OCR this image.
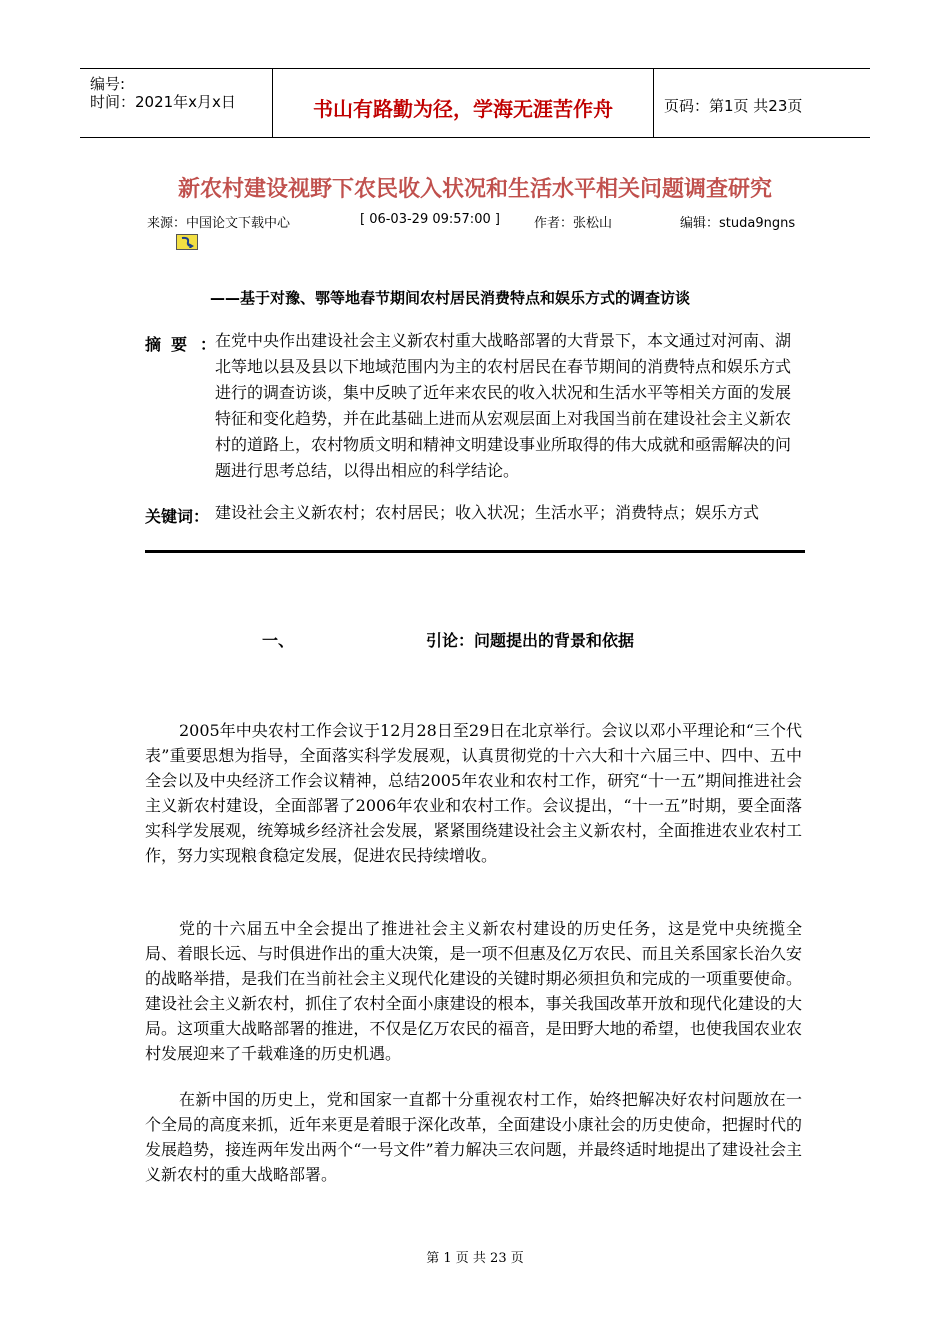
编号:
时间：2021年x月x日	书山有路勤为径，学海无涯苦作舟	页码：第1页 共23页
新农村建设视野下农民收入状况和生活水平相关问题调查研究
来源：中国论文下载中心	[ 06-03-29 09:57:00 ]	作者：张松山	编辑：studa9ngns
——基于对豫、鄂等地春节期间农村居民消费特点和娱乐方式的调查访谈
摘要 ：

在党中央作出建设社会主义新农村重大战略部署的大背景下，本文通过对河南、湖北等地以县及县以下地域范围内为主的农村居民在春节期间的消费特点和娱乐方式进行的调查访谈，集中反映了近年来农民的收入状况和生活水平等相关方面的发展特征和变化趋势，并在此基础上进而从宏观层面上对我国当前在建设社会主义新农村的道路上，农村物质文明和精神文明建设事业所取得的伟大成就和亟需解决的问题进行思考总结，以得出相应的科学结论。

关键词： 建设社会主义新农村；农村居民；收入状况；生活水平；消费特点；娱乐方式

一、	引论：问题提出的背景和依据

2005年中央农村工作会议于12月28日至29日在北京举行。会议以邓小平理论和“三个代表”重要思想为指导，全面落实科学发展观，认真贯彻党的十六大和十六届三中、四中、五中全会以及中央经济工作会议精神，总结2005年农业和农村工作，研究“十一五”期间推进社会主义新农村建设，全面部署了2006年农业和农村工作。会议提出，“十一五”时期，要全面落实科学发展观，统筹城乡经济社会发展，紧紧围绕建设社会主义新农村，全面推进农业农村工作，努力实现粮食稳定发展，促进农民持续增收。

党的十六届五中全会提出了推进社会主义新农村建设的历史任务，这是党中央统揽全局、着眼长远、与时俱进作出的重大决策，是一项不但惠及亿万农民、而且关系国家长治久安的战略举措，是我们在当前社会主义现代化建设的关键时期必须担负和完成的一项重要使命。建设社会主义新农村，抓住了农村全面小康建设的根本，事关我国改革开放和现代化建设的大局。这项重大战略部署的推进，不仅是亿万农民的福音，是田野大地的希望，也使我国农业农村发展迎来了千载难逢的历史机遇。

在新中国的历史上，党和国家一直都十分重视农村工作，始终把解决好农村问题放在一个全局的高度来抓，近年来更是着眼于深化改革，全面建设小康社会的历史使命，把握时代的发展趋势，接连两年发出两个“一号文件”着力解决三农问题，并最终适时地提出了建设社会主义新农村的重大战略部署。

第 1 页 共 23 页
